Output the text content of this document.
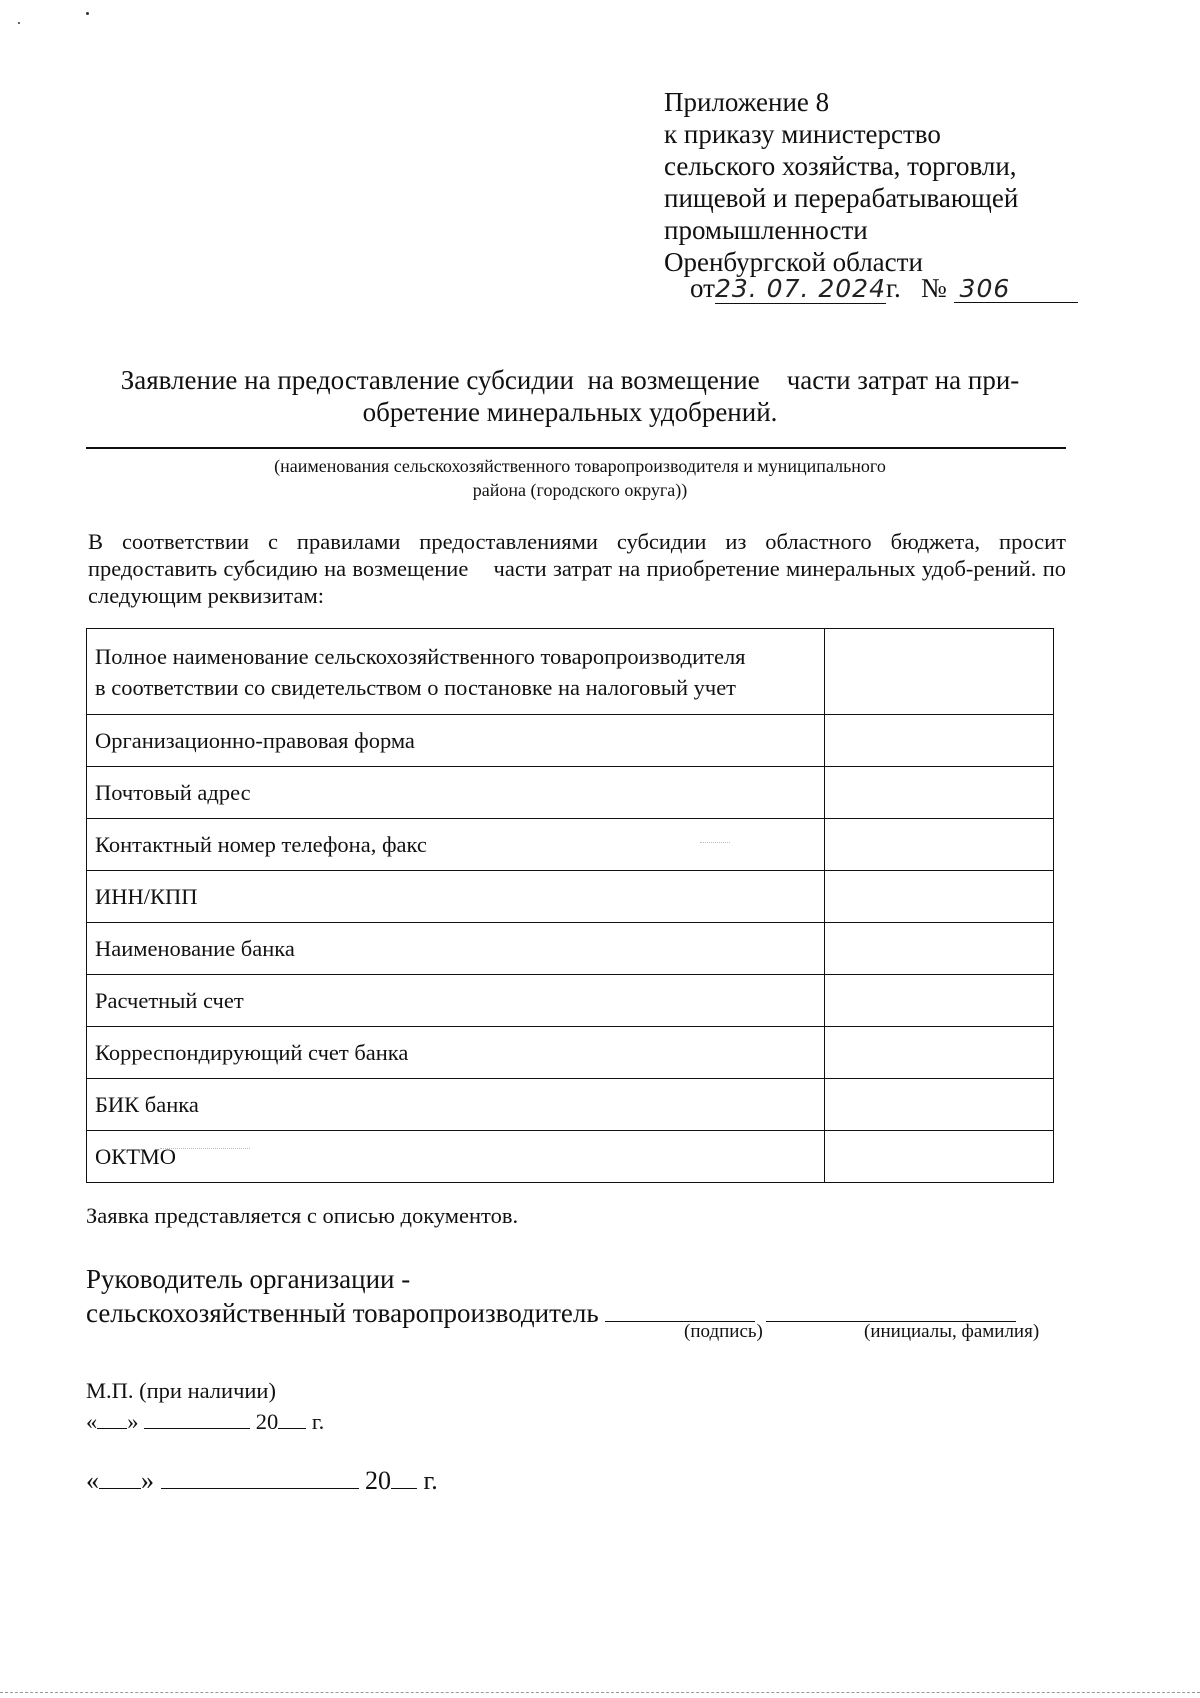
Приложение 8
к приказу министерство
сельского хозяйства, торговли,
пищевой и перерабатывающей
промышленности
Оренбургской области
от23. 07. 2024г. № 306
Заявление на предоставление субсидии  на возмещение    части затрат на при-
обретение минеральных удобрений.
(наименования сельскохозяйственного товаропроизводителя и муниципального
района (городского округа))
В соответствии с правилами предоставлениями субсидии из областного бюджета, просит предоставить субсидию на возмещение    части затрат на приобретение минеральных удоб-рений. по следующим реквизитам:
Полное наименование сельскохозяйственного товаропроизводителя
в соответствии со свидетельством о постановке на налоговый учет	

Организационно-правовая форма	
Почтовый адрес	
Контактный номер телефона, факс	
ИНН/КПП	
Наименование банка	
Расчетный счет	
Корреспондирующий счет банка	
БИК банка	
ОКТМО	
Заявка представляется с описью документов.
Руководитель организации -
сельскохозяйственный товаропроизводитель
(подпись)	(инициалы, фамилия)
М.П. (при наличии)
« »	20 г.
« »	20 г.
